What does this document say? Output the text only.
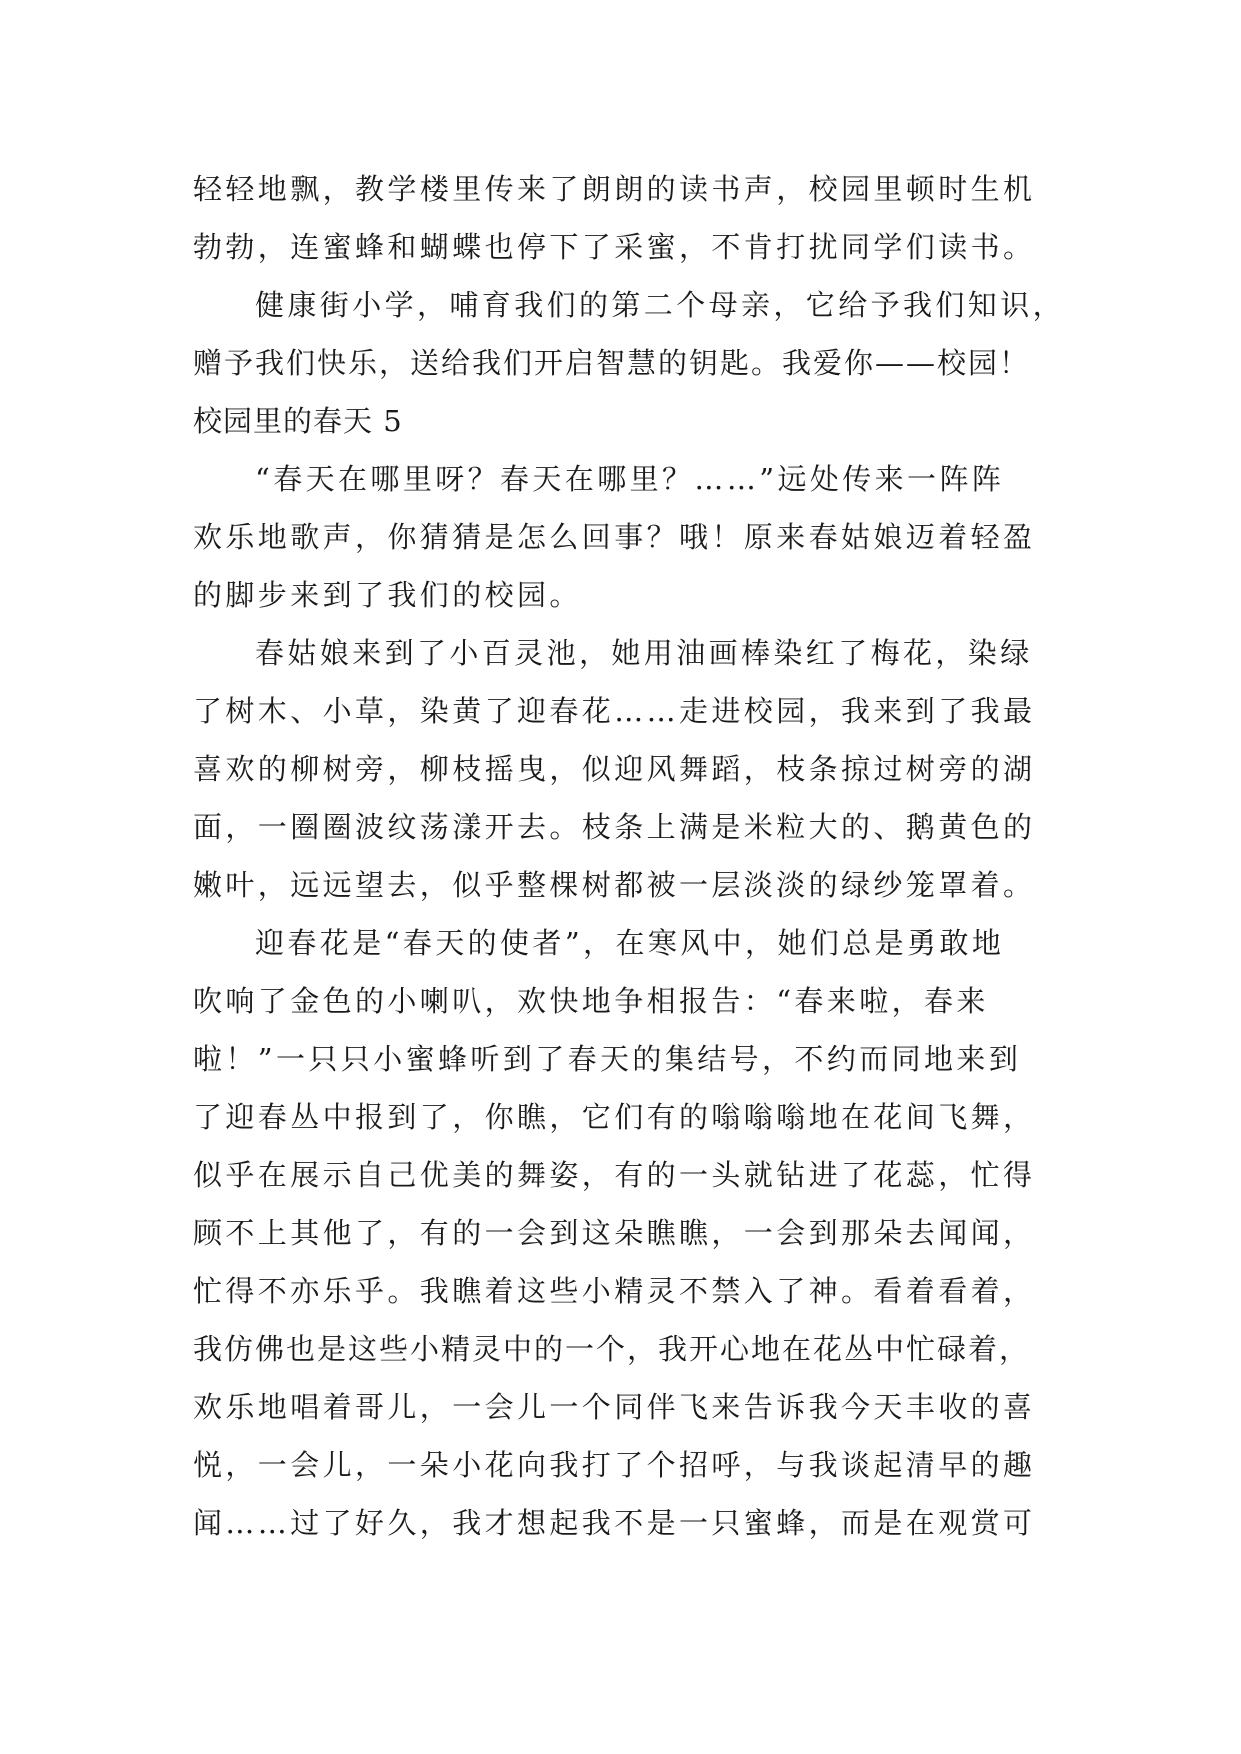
轻轻地飘，教学楼里传来了朗朗的读书声，校园里顿时生机
勃勃，连蜜蜂和蝴蝶也停下了采蜜，不肯打扰同学们读书。
健康街小学，哺育我们的第二个母亲，它给予我们知识，
赠予我们快乐，送给我们开启智慧的钥匙。我爱你——校园！
校园里的春天 5
“春天在哪里呀？春天在哪里？……”远处传来一阵阵
欢乐地歌声，你猜猜是怎么回事？哦！原来春姑娘迈着轻盈
的脚步来到了我们的校园。
春姑娘来到了小百灵池，她用油画棒染红了梅花，染绿
了树木、小草，染黄了迎春花……走进校园，我来到了我最
喜欢的柳树旁，柳枝摇曳，似迎风舞蹈，枝条掠过树旁的湖
面，一圈圈波纹荡漾开去。枝条上满是米粒大的、鹅黄色的
嫩叶，远远望去，似乎整棵树都被一层淡淡的绿纱笼罩着。
迎春花是“春天的使者”，在寒风中，她们总是勇敢地
吹响了金色的小喇叭，欢快地争相报告：“春来啦，春来
啦！”一只只小蜜蜂听到了春天的集结号，不约而同地来到
了迎春丛中报到了，你瞧，它们有的嗡嗡嗡地在花间飞舞，
似乎在展示自己优美的舞姿，有的一头就钻进了花蕊，忙得
顾不上其他了，有的一会到这朵瞧瞧，一会到那朵去闻闻，
忙得不亦乐乎。我瞧着这些小精灵不禁入了神。看着看着，
我仿佛也是这些小精灵中的一个，我开心地在花丛中忙碌着，
欢乐地唱着哥儿，一会儿一个同伴飞来告诉我今天丰收的喜
悦，一会儿，一朵小花向我打了个招呼，与我谈起清早的趣
闻……过了好久，我才想起我不是一只蜜蜂，而是在观赏可
